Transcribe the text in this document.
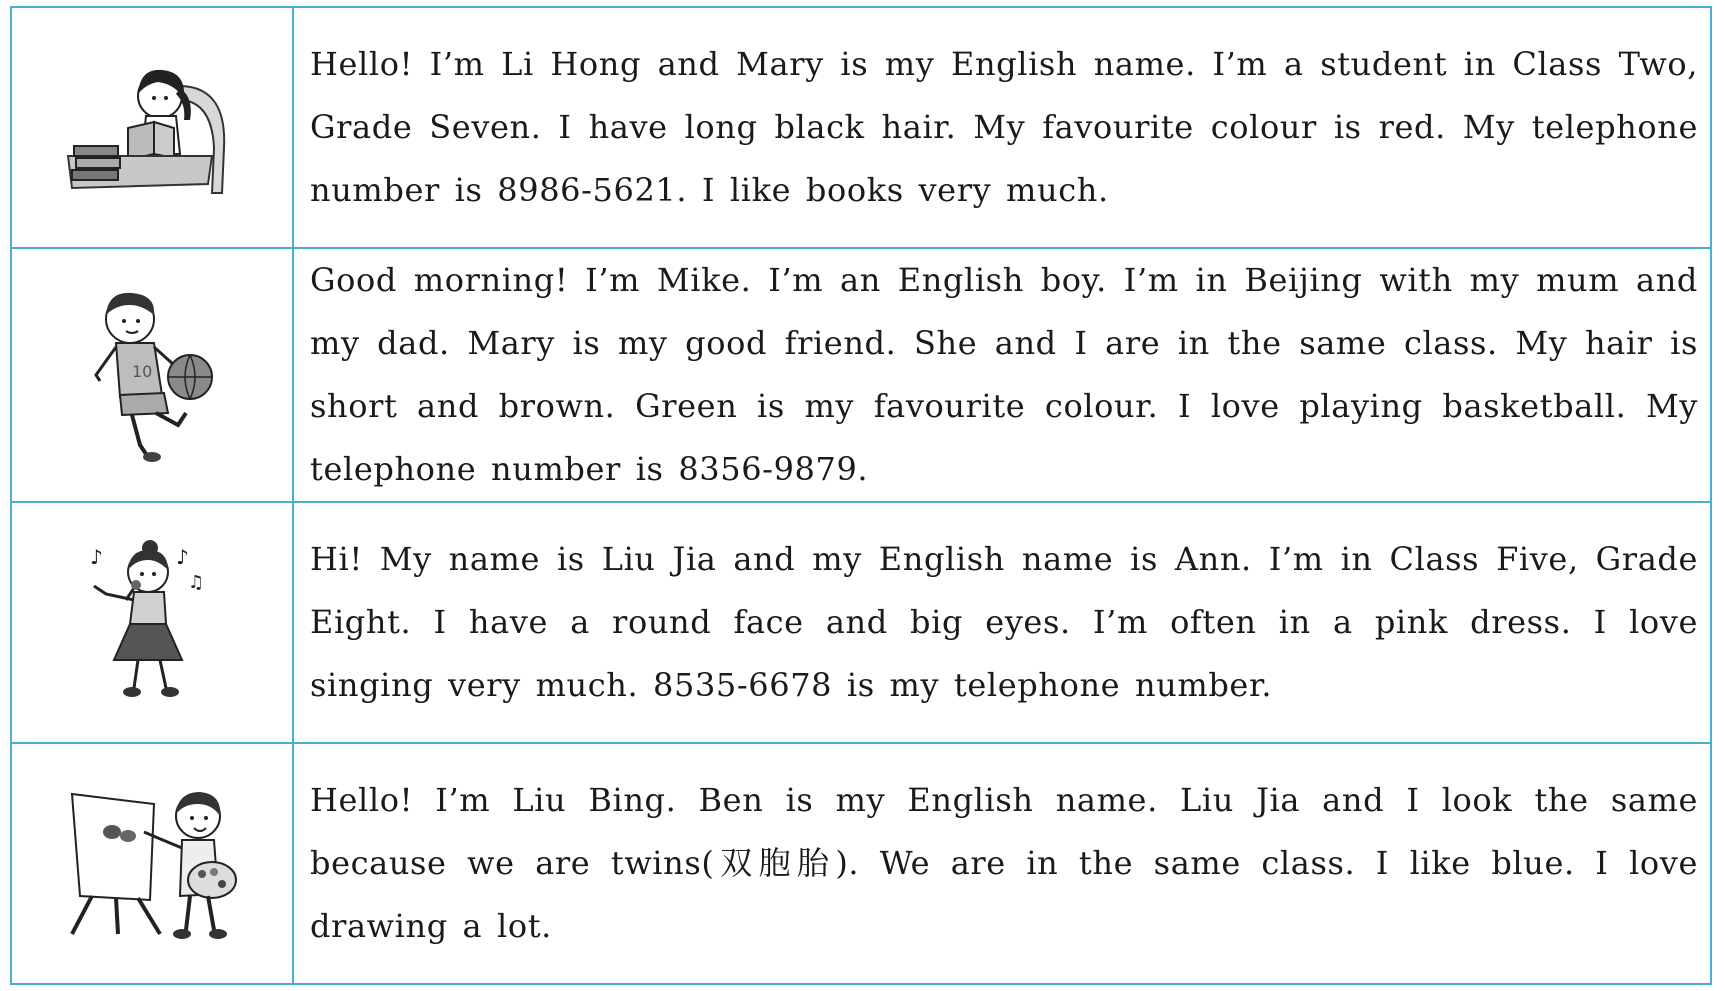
Hello! I’m Li Hong and Mary is my English name. I’m a student in Class Two, Grade Seven. I have long black hair. My favourite colour is red. My telephone number is 8986-5621. I like books very much.

10

Good morning! I’m Mike. I’m an English boy. I’m in Beijing with my mum and my dad. Mary is my good friend. She and I are in the same class. My hair is short and brown. Green is my favourite colour. I love playing basketball. My telephone number is 8356-9879.

♪	♪
♫

Hi! My name is Liu Jia and my English name is Ann. I’m in Class Five, Grade Eight. I have a round face and big eyes. I’m often in a pink dress. I love singing very much. 8535-6678 is my telephone number.

Hello! I’m Liu Bing. Ben is my English name. Liu Jia and I look the same because we are twins(双胞胎). We are in the same class. I like blue. I love drawing a lot.
